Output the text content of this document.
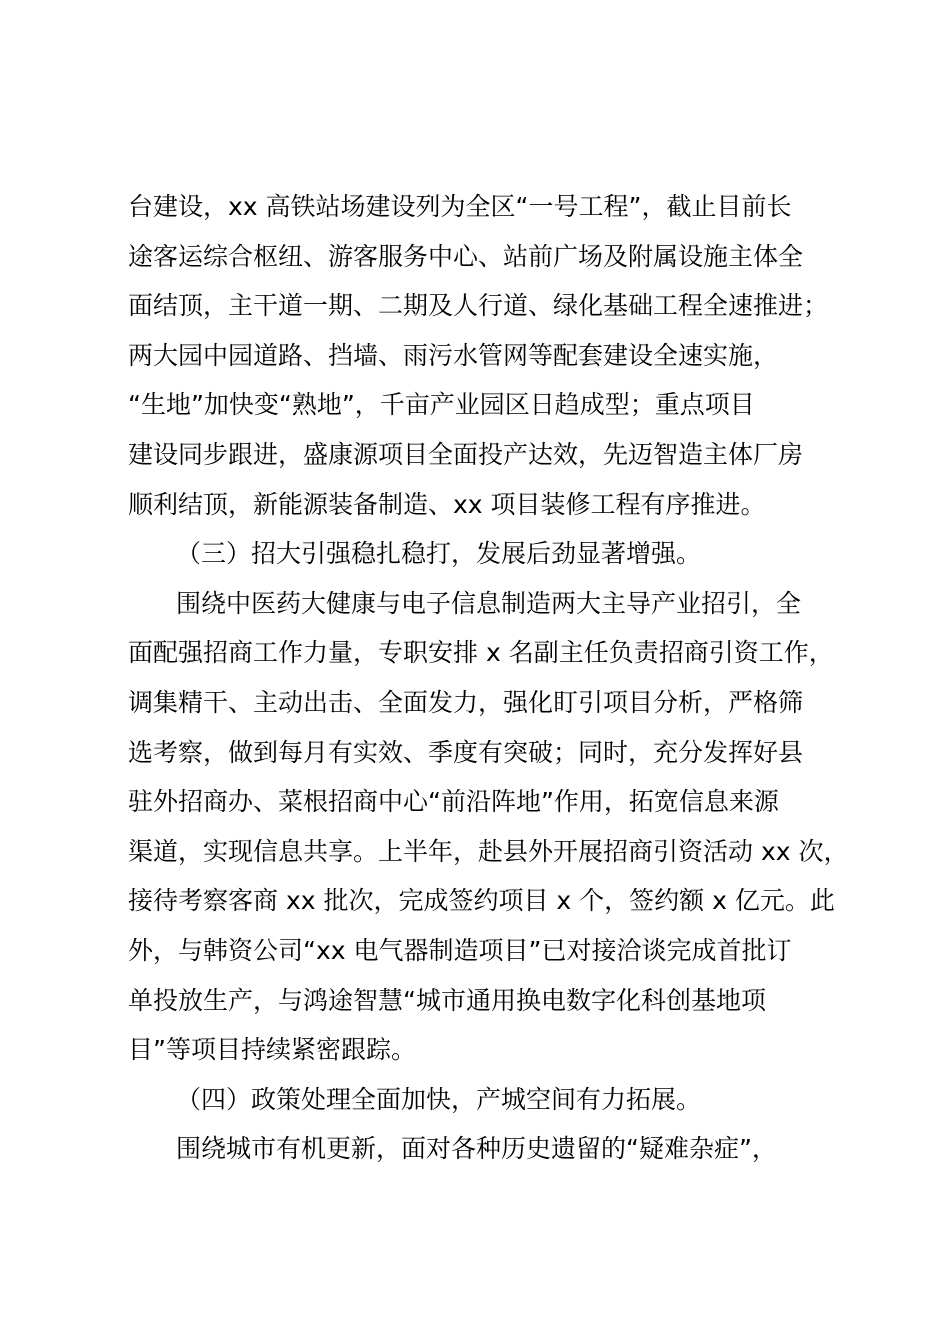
台建设，xx 高铁站场建设列为全区“一号工程”，截止目前长
途客运综合枢纽、游客服务中心、站前广场及附属设施主体全
面结顶，主干道一期、二期及人行道、绿化基础工程全速推进；
两大园中园道路、挡墙、雨污水管网等配套建设全速实施，
“生地”加快变“熟地”，千亩产业园区日趋成型；重点项目
建设同步跟进，盛康源项目全面投产达效，先迈智造主体厂房
顺利结顶，新能源装备制造、xx 项目装修工程有序推进。
（三）招大引强稳扎稳打，发展后劲显著增强。
围绕中医药大健康与电子信息制造两大主导产业招引，全
面配强招商工作力量，专职安排 x 名副主任负责招商引资工作，
调集精干、主动出击、全面发力，强化盯引项目分析，严格筛
选考察，做到每月有实效、季度有突破；同时，充分发挥好县
驻外招商办、菜根招商中心“前沿阵地”作用，拓宽信息来源
渠道，实现信息共享。上半年，赴县外开展招商引资活动 xx 次，
接待考察客商 xx 批次，完成签约项目 x 个，签约额 x 亿元。此
外，与韩资公司“xx 电气器制造项目”已对接洽谈完成首批订
单投放生产，与鸿途智慧“城市通用换电数字化科创基地项
目”等项目持续紧密跟踪。
（四）政策处理全面加快，产城空间有力拓展。
围绕城市有机更新，面对各种历史遗留的“疑难杂症”，
